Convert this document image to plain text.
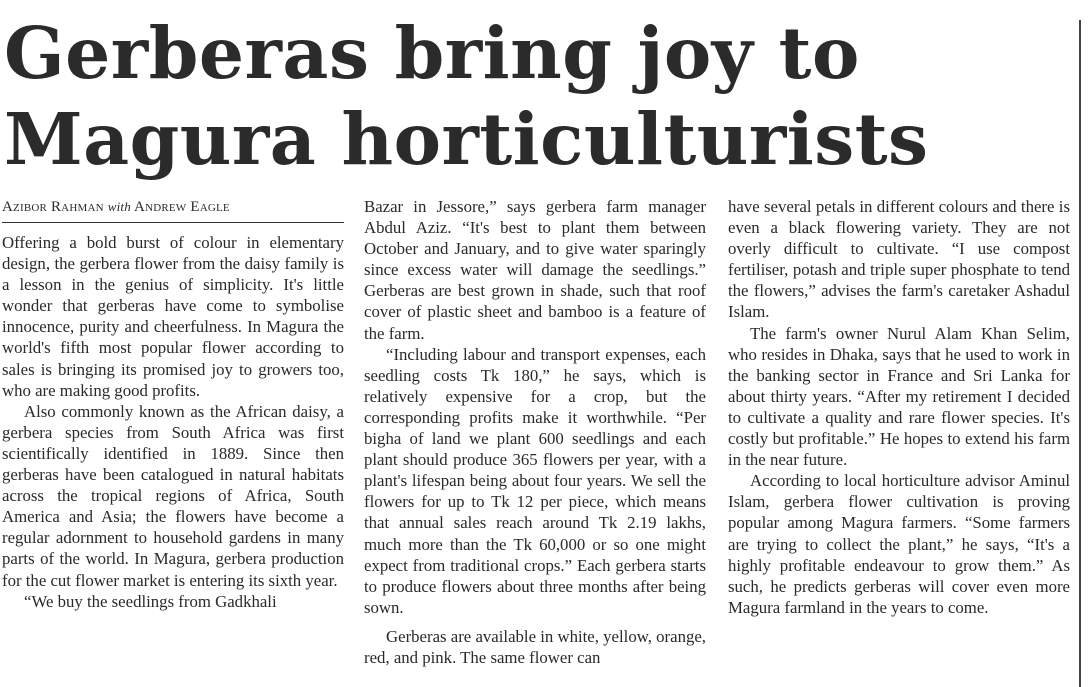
Gerberas bring joy to Magura horticulturists
Azibor Rahman with Andrew Eagle

Offering a bold burst of colour in elementary design, the gerbera flower from the daisy family is a lesson in the genius of simplicity. It's little wonder that gerberas have come to symbolise innocence, purity and cheerfulness. In Magura the world's fifth most popular flower according to sales is bringing its promised joy to growers too, who are making good profits.

Also commonly known as the African daisy, a gerbera species from South Africa was first scientifically identified in 1889. Since then gerberas have been catalogued in natural habitats across the tropical regions of Africa, South America and Asia; the flowers have become a regular adornment to household gardens in many parts of the world. In Magura, gerbera production for the cut flower market is entering its sixth year.

“We buy the seedlings from Gadkhali

Bazar in Jessore,” says gerbera farm manager Abdul Aziz. “It's best to plant them between October and January, and to give water sparingly since excess water will damage the seedlings.” Gerberas are best grown in shade, such that roof cover of plastic sheet and bamboo is a feature of the farm.

“Including labour and transport expenses, each seedling costs Tk 180,” he says, which is relatively expensive for a crop, but the corresponding profits make it worthwhile. “Per bigha of land we plant 600 seedlings and each plant should produce 365 flowers per year, with a plant's lifespan being about four years. We sell the flowers for up to Tk 12 per piece, which means that annual sales reach around Tk 2.19 lakhs, much more than the Tk 60,000 or so one might expect from traditional crops.” Each gerbera starts to produce flowers about three months after being sown.

Gerberas are available in white, yellow, orange, red, and pink. The same flower can

have several petals in different colours and there is even a black flowering variety. They are not overly difficult to cultivate. “I use compost fertiliser, potash and triple super phosphate to tend the flowers,” advises the farm's caretaker Ashadul Islam.

The farm's owner Nurul Alam Khan Selim, who resides in Dhaka, says that he used to work in the banking sector in France and Sri Lanka for about thirty years. “After my retirement I decided to cultivate a quality and rare flower species. It's costly but profitable.” He hopes to extend his farm in the near future.

According to local horticulture advisor Aminul Islam, gerbera flower cultivation is proving popular among Magura farmers. “Some farmers are trying to collect the plant,” he says, “It's a highly profitable endeavour to grow them.” As such, he predicts gerberas will cover even more Magura farmland in the years to come.
